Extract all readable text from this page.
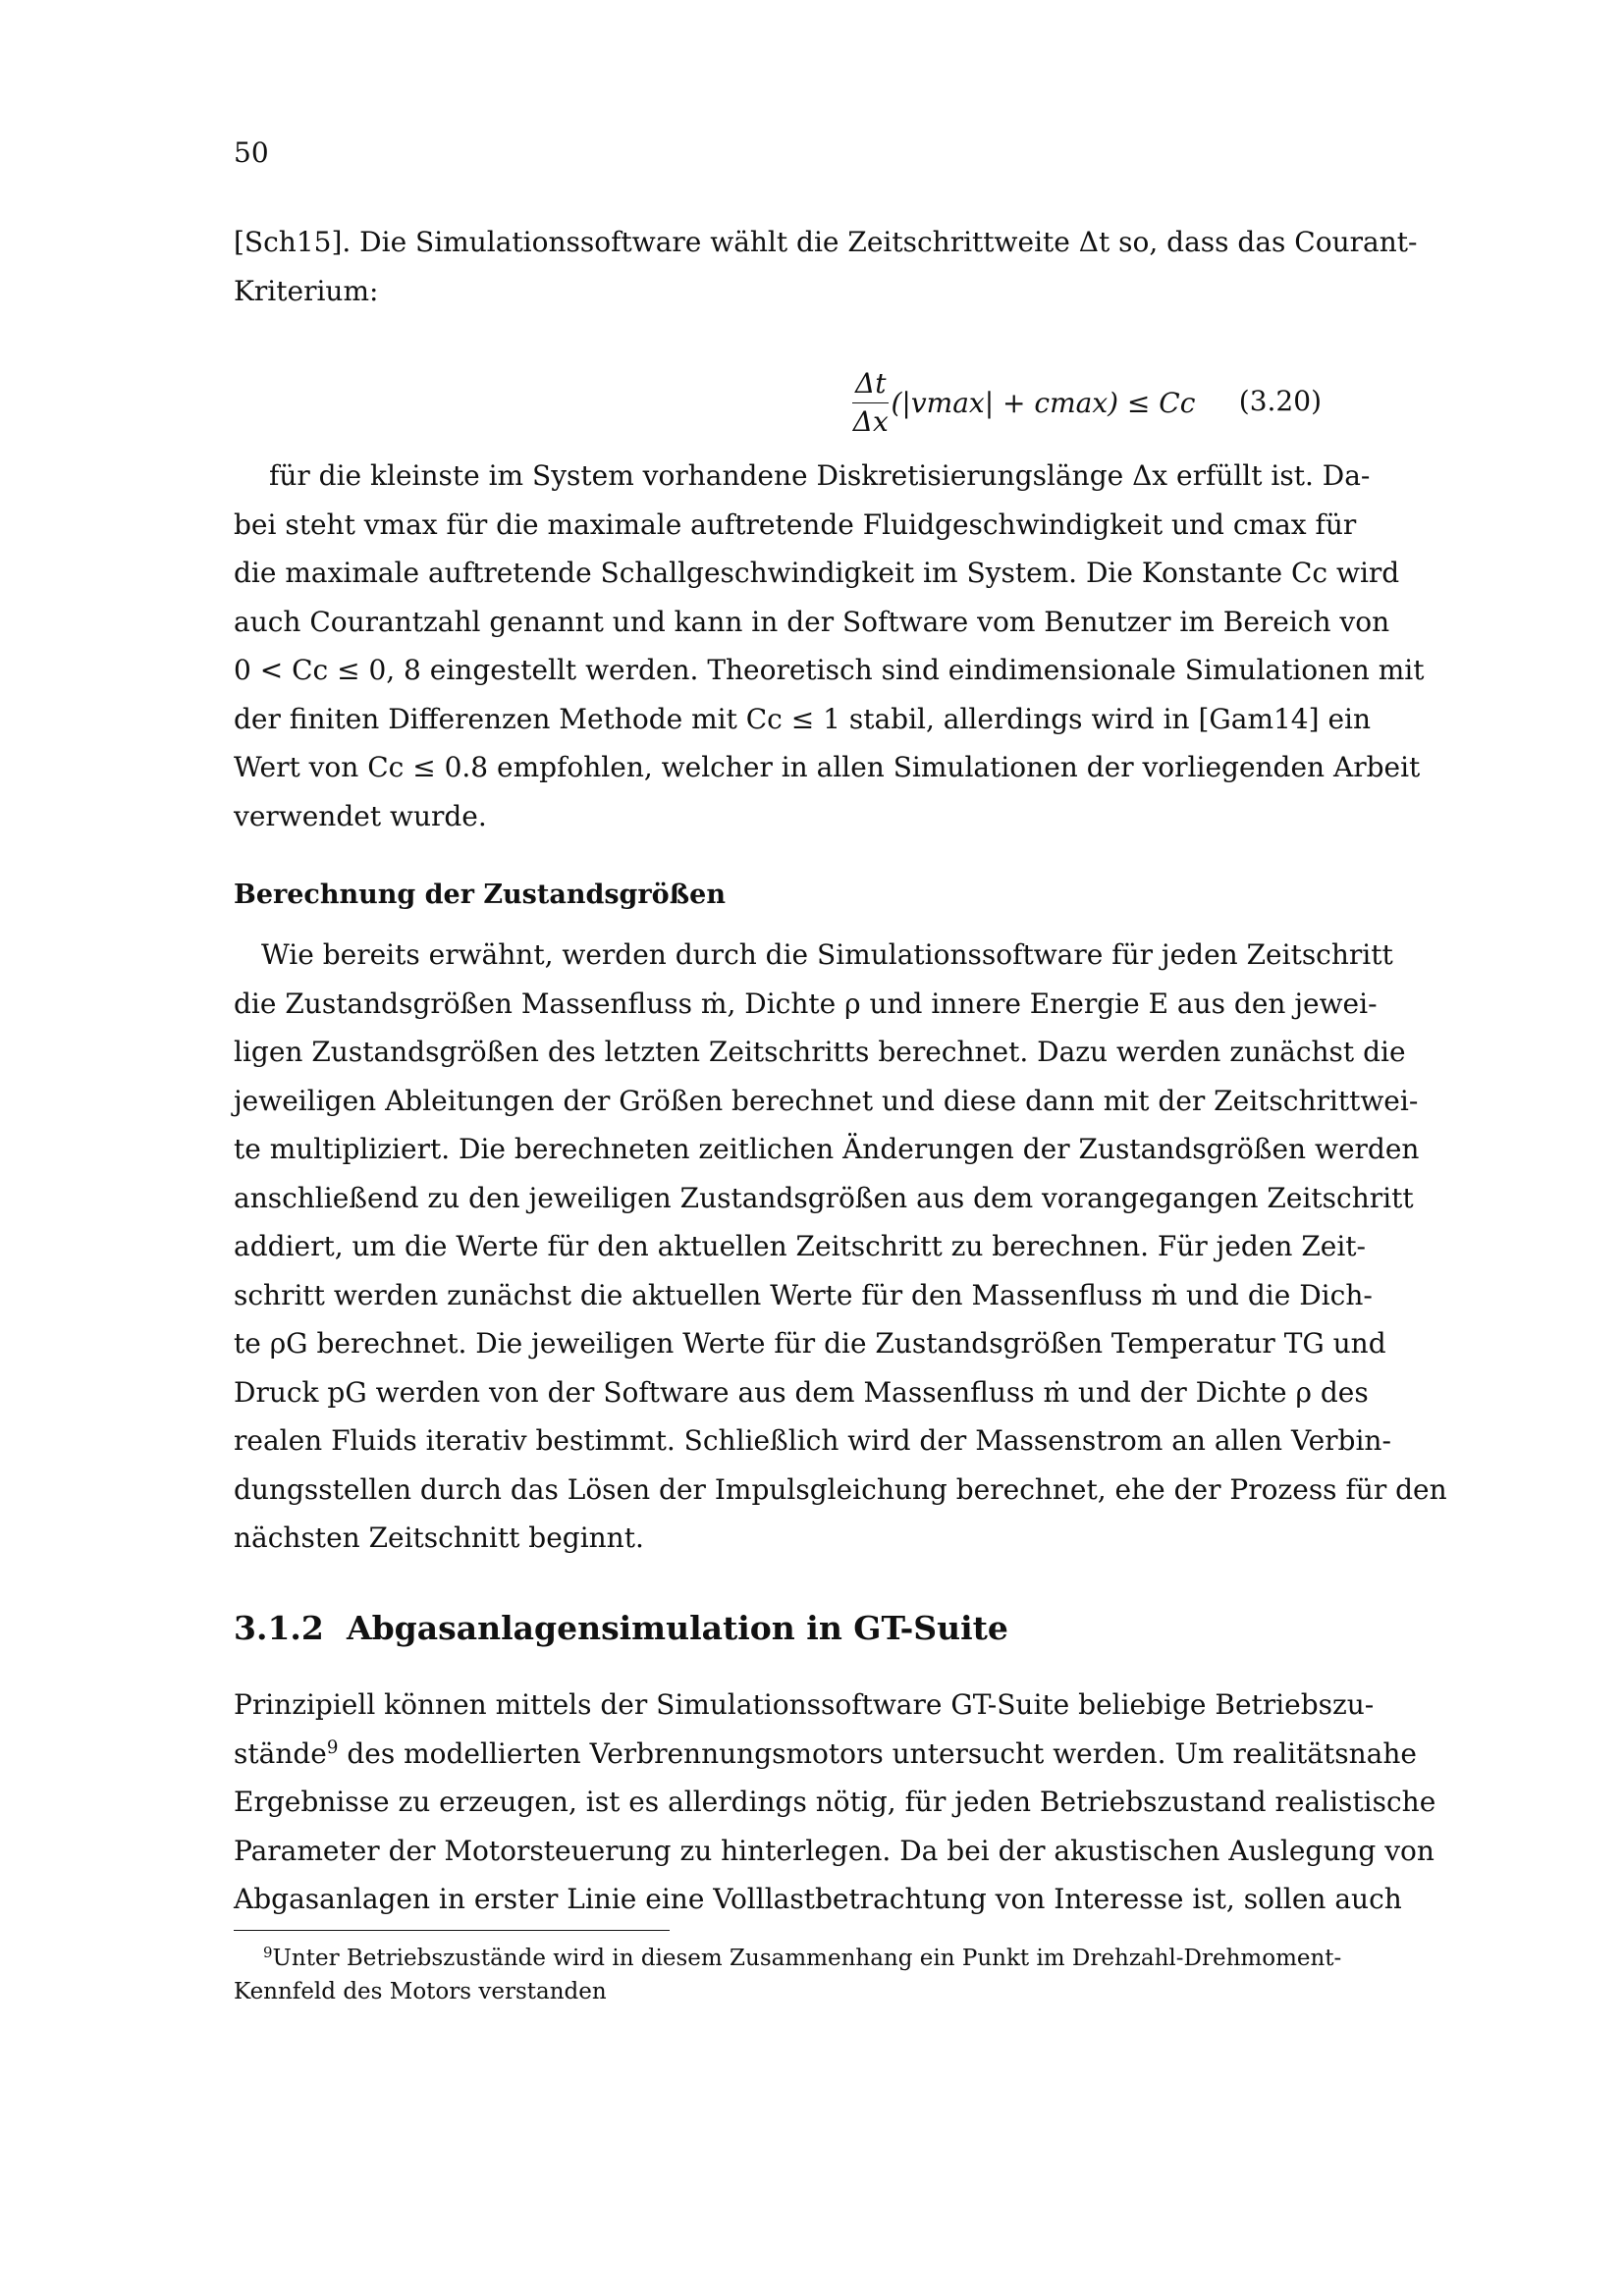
50
[Sch15]. Die Simulationssoftware wählt die Zeitschrittweite Δt so, dass das Courant-
Kriterium:
$\frac{\Delta t}{\Delta x} (|vmax| + cmax) \le Cc$ (3.20)
für die kleinste im System vorhandene Diskretisierungslänge Δx erfüllt ist. Da-
bei steht vmax für die maximale auftretende Fluidgeschwindigkeit und cmax für
die maximale auftretende Schallgeschwindigkeit im System. Die Konstante Cc wird
auch Courantzahl genannt und kann in der Software vom Benutzer im Bereich von
0 < Cc ≤ 0, 8 eingestellt werden. Theoretisch sind eindimensionale Simulationen mit
der finiten Differenzen Methode mit Cc ≤ 1 stabil, allerdings wird in [Gam14] ein
Wert von Cc ≤ 0.8 empfohlen, welcher in allen Simulationen der vorliegenden Arbeit
verwendet wurde.
Berechnung der Zustandsgrößen
Wie bereits erwähnt, werden durch die Simulationssoftware für jeden Zeitschritt
die Zustandsgrößen Massenfluss ṁ, Dichte ρ und innere Energie E aus den jewei-
ligen Zustandsgrößen des letzten Zeitschritts berechnet. Dazu werden zunächst die
jeweiligen Ableitungen der Größen berechnet und diese dann mit der Zeitschrittwei-
te multipliziert. Die berechneten zeitlichen Änderungen der Zustandsgrößen werden
anschließend zu den jeweiligen Zustandsgrößen aus dem vorangegangen Zeitschritt
addiert, um die Werte für den aktuellen Zeitschritt zu berechnen. Für jeden Zeit-
schritt werden zunächst die aktuellen Werte für den Massenfluss ṁ und die Dich-
te ρG berechnet. Die jeweiligen Werte für die Zustandsgrößen Temperatur TG und
Druck pG werden von der Software aus dem Massenfluss ṁ und der Dichte ρ des
realen Fluids iterativ bestimmt. Schließlich wird der Massenstrom an allen Verbin-
dungsstellen durch das Lösen der Impulsgleichung berechnet, ehe der Prozess für den
nächsten Zeitschnitt beginnt.
3.1.2 Abgasanlagensimulation in GT-Suite
Prinzipiell können mittels der Simulationssoftware GT-Suite beliebige Betriebszu-
stände$^9$ des modellierten Verbrennungsmotors untersucht werden. Um realitätsnahe
Ergebnisse zu erzeugen, ist es allerdings nötig, für jeden Betriebszustand realistische
Parameter der Motorsteuerung zu hinterlegen. Da bei der akustischen Auslegung von
Abgasanlagen in erster Linie eine Volllastbetrachtung von Interesse ist, sollen auch
$^9$Unter Betriebszustände wird in diesem Zusammenhang ein Punkt im Drehzahl-Drehmoment-
Kennfeld des Motors verstanden
